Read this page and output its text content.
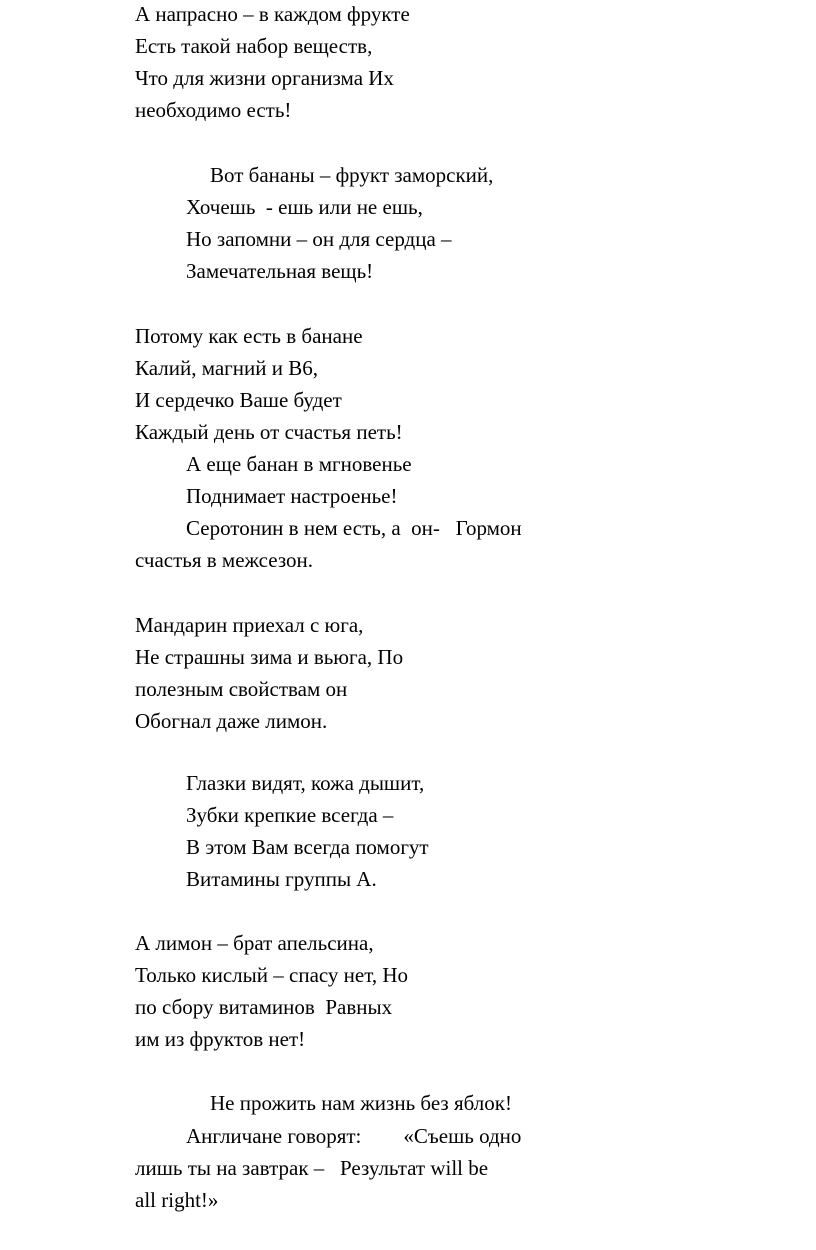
А напрасно – в каждом фрукте
Есть такой набор веществ,
Что для жизни организма Их
необходимо есть!
Вот бананы – фрукт заморский,
Хочешь  - ешь или не ешь,
Но запомни – он для сердца –
Замечательная вещь!
Потому как есть в банане
Калий, магний и В6,
И сердечко Ваше будет
Каждый день от счастья петь!
А еще банан в мгновенье
Поднимает настроенье!
Серотонин в нем есть, а  он-   Гормон
счастья в межсезон.
Мандарин приехал с юга,
Не страшны зима и вьюга, По
полезным свойствам он
Обогнал даже лимон.
Глазки видят, кожа дышит,
Зубки крепкие всегда –
В этом Вам всегда помогут
Витамины группы А.
А лимон – брат апельсина,
Только кислый – спасу нет, Но
по сбору витаминов  Равных
им из фруктов нет!
Не прожить нам жизнь без яблок!
Англичане говорят:        «Съешь одно
лишь ты на завтрак –   Результат will be
all right!»
